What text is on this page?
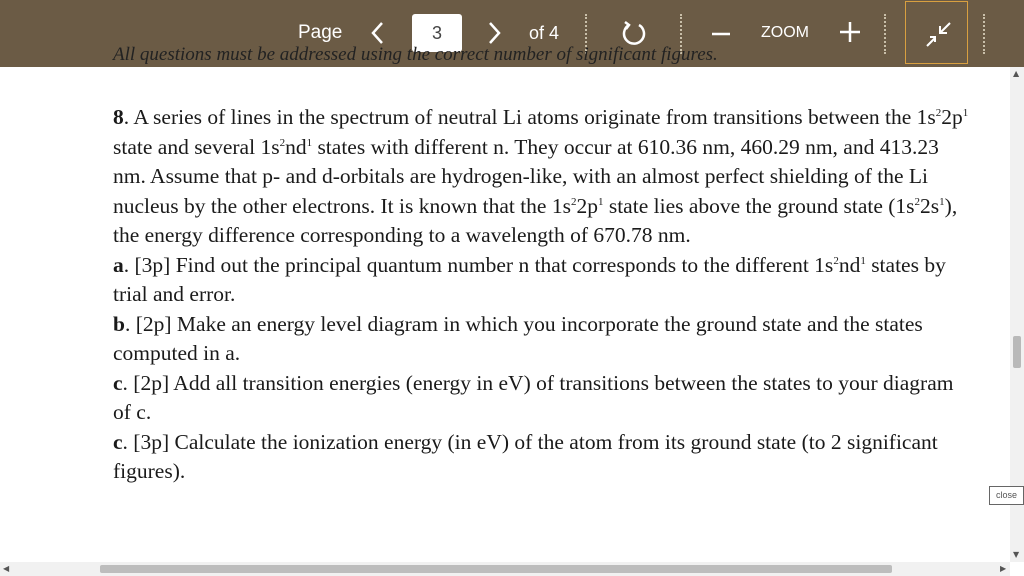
Page
3	of 4	ZOOM
All questions must be addressed using the correct number of significant figures.

8. A series of lines in the spectrum of neutral Li atoms originate from transitions between the $1s^22p^1$ state and several $1s^2nd^1$ states with different n. They occur at 610.36 nm, 460.29 nm, and 413.23 nm. Assume that p- and d-orbitals are hydrogen-like, with an almost perfect shielding of the Li nucleus by the other electrons. It is known that the $1s^22p^1$ state lies above the ground state $(1s^22s^1)$, the energy difference corresponding to a wavelength of 670.78 nm.

a. [3p] Find out the principal quantum number n that corresponds to the different $1s^2nd^1$ states by trial and error.

b. [2p] Make an energy level diagram in which you incorporate the ground state and the states computed in a.

c. [2p] Add all transition energies (energy in eV) of transitions between the states to your diagram of c.

c. [3p] Calculate the ionization energy (in eV) of the atom from its ground state (to 2 significant figures).

▲
▼
◀	▶
close
